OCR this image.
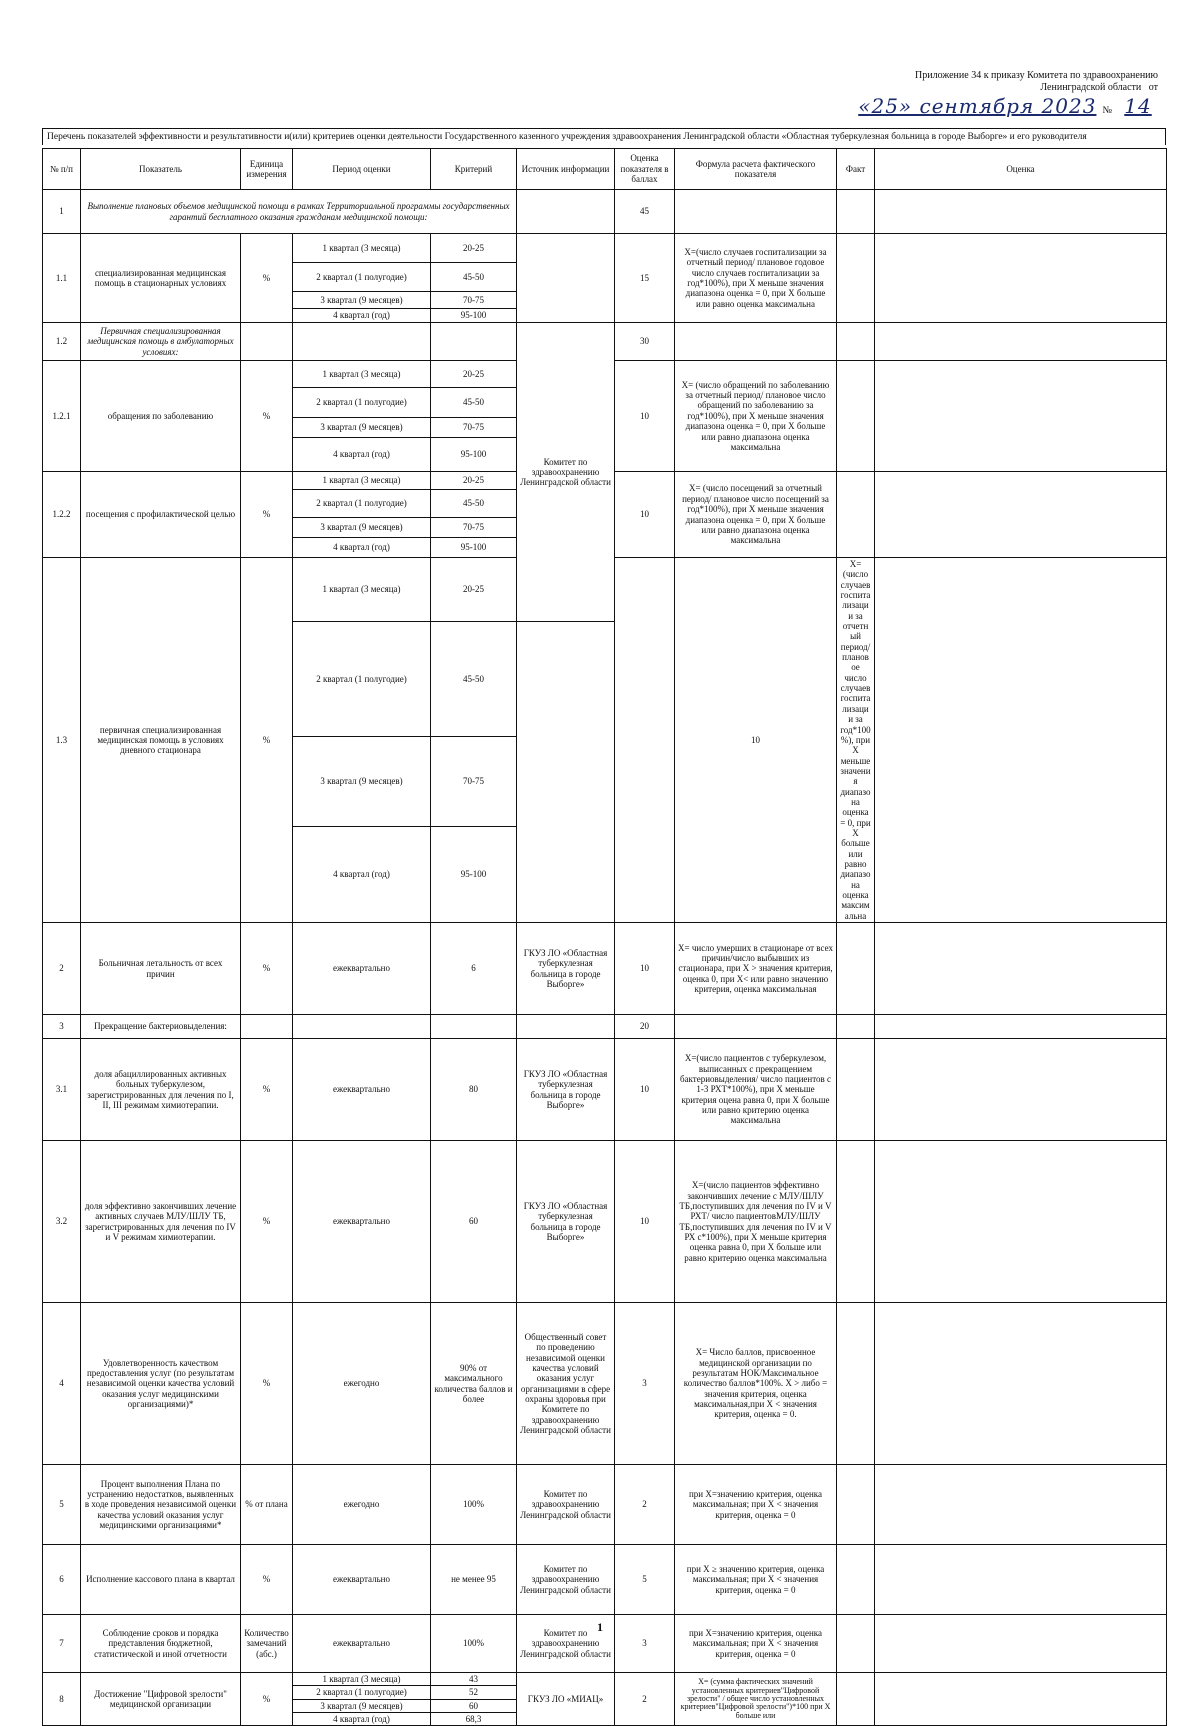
Приложение 34 к приказу Комитета по здравоохранению
Ленинградской области от
«25» сентября 2023 № 14
Перечень показателей эффективности и результативности и(или) критериев оценки деятельности Государственного казенного учреждения здравоохранения Ленинградской области «Областная туберкулезная больница в городе Выборге» и его руководителя
№ п/п	Показатель	Единица измерения	Период оценки	Критерий	Источник информации	Оценка показателя в баллах	Формула расчета фактического показателя	Факт	Оценка	
1	Выполнение плановых объемов медицинской помощи в рамках Территориальной программы государственных гарантий бесплатного оказания гражданам медицинской помощи:					45				
1.1	специализированная медицинская помощь в стационарных условиях	%	1 квартал (3 месяца)	20-25		15	Х=(число случаев госпитализации за отчетный период/ плановое годовое число случаев госпитализации за год*100%), при Х меньше значения диапазона оценка = 0, при Х больше или равно оценка максимальна			
			2 квартал (1 полугодие)	45-50						
			3 квартал (9 месяцев)	70-75						
			4 квартал (год)	95-100						
1.2	Первичная специализированная медицинская помощь в амбулаторных условиях:				Комитет по здравоохранению Ленинградской области	30				
1.2.1	обращения по заболеванию	%	1 квартал (3 месяца)	20-25		10	Х= (число обращений по заболеванию за отчетный период/ плановое число обращений по заболеванию за год*100%), при Х меньше значения диапазона оценка = 0, при Х больше или равно диапазона оценка максимальна			
			2 квартал (1 полугодие)	45-50						
			3 квартал (9 месяцев)	70-75						
			4 квартал (год)	95-100						
1.2.2	посещения с профилактической целью	%	1 квартал (3 месяца)	20-25		10	Х= (число посещений за отчетный период/ плановое число посещений за год*100%), при Х меньше значения диапазона оценка = 0, при Х больше или равно диапазона оценка максимальна			
			2 квартал (1 полугодие)	45-50						
			3 квартал (9 месяцев)	70-75						
			4 квартал (год)	95-100						
1.3	первичная специализированная медицинская помощь в условиях дневного стационара	%	1 квартал (3 месяца)	20-25			10	Х= (число случаев госпитализации за отчетный период/ плановое число случаев госпитализации за год*100%), при Х меньше значения диапазона оценка = 0, при Х больше или равно диапазона оценка максимальна		
			2 квартал (1 полугодие)	45-50						
			3 квартал (9 месяцев)	70-75						
			4 квартал (год)	95-100						
2	Больничная летальность от всех причин	%	ежеквартально	6	ГКУЗ ЛО «Областная туберкулезная больница в городе Выборге»	10	Х= число умерших в стационаре от всех причин/число выбывших из стационара, при Х > значения критерия, оценка 0, при Х< или равно значению критерия, оценка максимальная			
3	Прекращение бактериовыделения:					20				
3.1	доля абациллированных активных больных туберкулезом, зарегистрированных для лечения по I, II, III режимам химиотерапии.	%	ежеквартально	80	ГКУЗ ЛО «Областная туберкулезная больница в городе Выборге»	10	Х=(число пациентов с туберкулезом, выписанных с прекращением бактериовыделения/ число пациентов с 1-3 РХТ*100%), при Х меньше критерия оцена равна 0, при Х больше или равно критерию оценка максимальна			
3.2	доля эффективно закончивших лечение активных случаев МЛУ/ШЛУ ТБ, зарегистрированных для лечения по IV и V режимам химиотерапии.	%	ежеквартально	60	ГКУЗ ЛО «Областная туберкулезная больница в городе Выборге»	10	Х=(число пациентов эффективно закончивших лечение с МЛУ/ШЛУ ТБ,поступивших для лечения по IV и V РХТ/ число пациентовМЛУ/ШЛУ ТБ,поступивших для лечения по IV и V РХ с*100%), при Х меньше критерия оценка равна 0, при Х больше или равно критерию оценка максимальна			
4	Удовлетворенность качеством предоставления услуг (по результатам независимой оценки качества условий оказания услуг медицинскими организациями)*	%	ежегодно	90% от максимального количества баллов и более	Общественный совет по проведению независимой оценки качества условий оказания услуг организациями в сфере охраны здоровья при Комитете по здравоохранению Ленинградской области	3	Х= Число баллов, присвоенное медицинской организации по результатам НОК/Максимальное количество баллов*100%. Х > либо = значения критерия, оценка максимальная,при Х < значения критерия, оценка = 0.			
5	Процент выполнения Плана по устранению недостатков, выявленных в ходе проведения независимой оценки качества условий оказания услуг медицинскими организациями*	% от плана	ежегодно	100%	Комитет по здравоохранению Ленинградской области	2	при Х=значению критерия, оценка максимальная; при Х < значения критерия, оценка = 0			
6	Исполнение кассового плана в квартал	%	ежеквартально	не менее 95	Комитет по здравоохранению Ленинградской области	5	при Х ≥ значению критерия, оценка максимальная; при Х < значения критерия, оценка = 0			
7	Соблюдение сроков и порядка представления бюджетной, статистической и иной отчетности	Количество замечаний (абс.)	ежеквартально	100%	Комитет по здравоохранению Ленинградской области	3	при Х=значению критерия, оценка максимальная; при Х < значения критерия, оценка = 0			
8	Достижение "Цифровой зрелости" медицинской организации	%	1 квартал (3 месяца)	43	ГКУЗ ЛО «МИАЦ»	2	Х= (сумма фактических значений установленных критериев"Цифровой зрелости" / общее число установленных критериев"Цифровой зрелости")*100 при Х больше или			
			2 квартал (1 полугодие)	52						
			3 квартал (9 месяцев)	60						
			4 квартал (год)	68,3						
1
